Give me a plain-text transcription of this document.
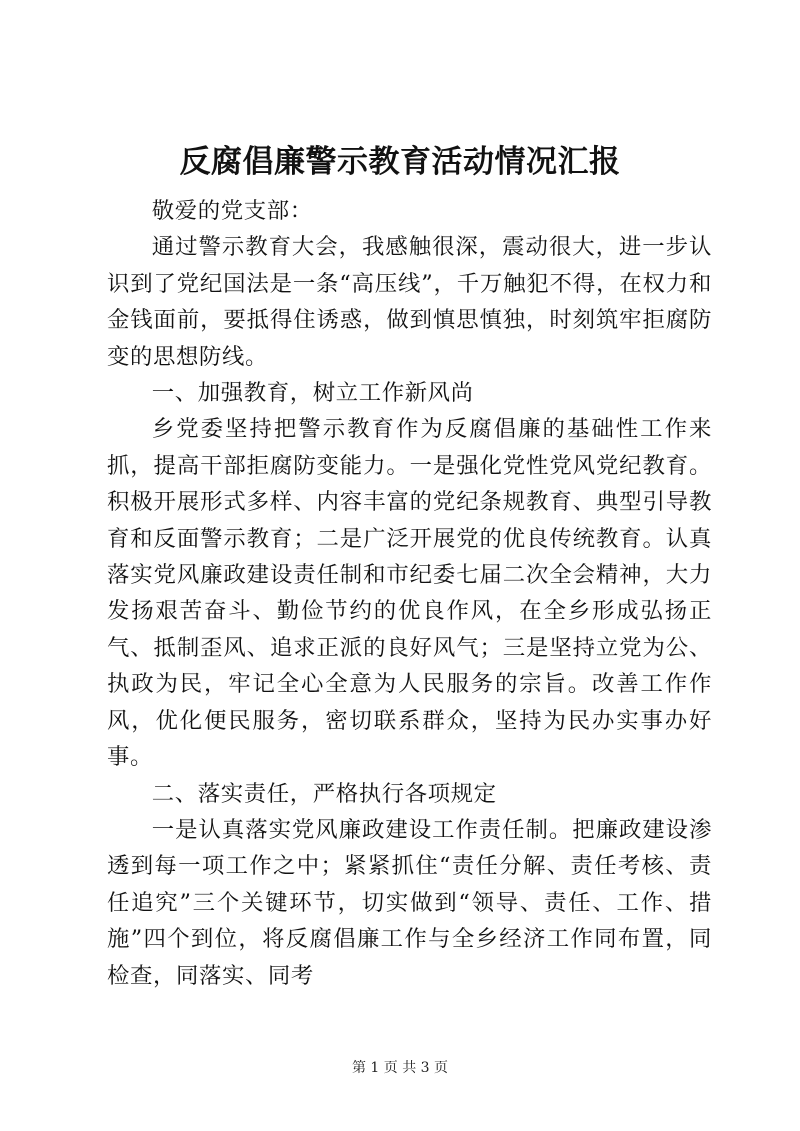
反腐倡廉警示教育活动情况汇报

敬爱的党支部：

通过警示教育大会，我感触很深，震动很大，进一步认识到了党纪国法是一条“高压线”，千万触犯不得，在权力和金钱面前，要抵得住诱惑，做到慎思慎独，时刻筑牢拒腐防变的思想防线。

一、加强教育，树立工作新风尚

乡党委坚持把警示教育作为反腐倡廉的基础性工作来抓，提高干部拒腐防变能力。一是强化党性党风党纪教育。积极开展形式多样、内容丰富的党纪条规教育、典型引导教育和反面警示教育；二是广泛开展党的优良传统教育。认真落实党风廉政建设责任制和市纪委七届二次全会精神，大力发扬艰苦奋斗、勤俭节约的优良作风，在全乡形成弘扬正气、抵制歪风、追求正派的良好风气；三是坚持立党为公、执政为民，牢记全心全意为人民服务的宗旨。改善工作作风，优化便民服务，密切联系群众，坚持为民办实事办好事。

二、落实责任，严格执行各项规定

一是认真落实党风廉政建设工作责任制。把廉政建设渗透到每一项工作之中；紧紧抓住“责任分解、责任考核、责任追究”三个关键环节，切实做到“领导、责任、工作、措施”四个到位，将反腐倡廉工作与全乡经济工作同布置，同检查，同落实、同考

第 1 页 共 3 页
